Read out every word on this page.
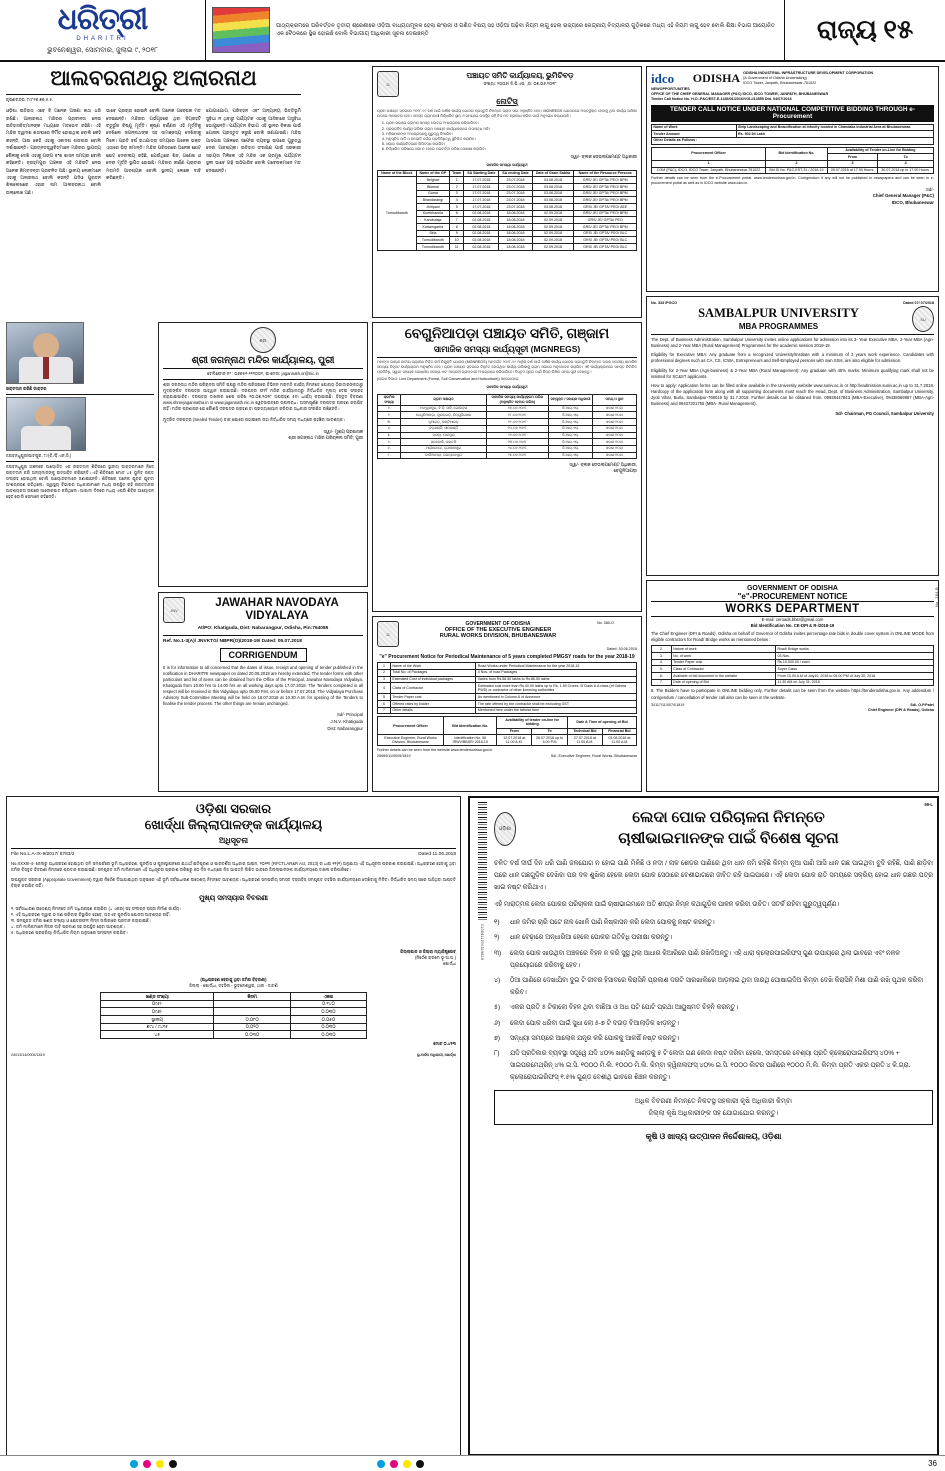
ଧରିତ୍ରୀ
DHARITRI
ଭୁବନେଶ୍ୱର, ସୋମବାର, ଜୁଲାଇ ୯, ୨୦୧୮
ପାଠ୍ୟକ୍ରମରେ ପରିବର୍ତ୍ତନ ତୃତୀୟ ଶ୍ରେଣୀରେ ଓଡ଼ିଆ ବାଧ୍ୟତାମୂଳକ ହେଲା ଇଂରାଜୀ ଓ ଗଣିତ ବିଷୟ ସହ ଓଡ଼ିଆ ପଢ଼ିବା ନିୟମ ଲାଗୁ ହେଲା ରାଜ୍ୟରେ କେନ୍ଦ୍ରୀୟ ବିଦ୍ୟାଳୟ ଗୁଡ଼ିକରେ ମଧ୍ୟ ଏହି ନିୟମ ଲାଗୁ ହେବ ବୋଲି ଶିକ୍ଷା ବିଭାଗ ଆୟୋଜିତ ଏକ ବୈଠକରେ ସ୍ଥିର ହୋଇଛି ବୋଲି ବିଭାଗୀୟ ଆଧିକାରୀ ସୂଚନା ଦେଇଛନ୍ତି	ରାଜ୍ୟ ୧୫
ଆଲବରନାଥରୁ ଅଲାରନାଥ
କୃଷ୍ଣଚନ୍ଦ୍ର, ୮୯୮୧୬.୭୭.୫.୫.
ଓଡ଼ିଶା ଇତିହାସ ଏବେ ବି ଅନେକ ଅଜଣା କଥା ଧରି ରଖିଛି। ଆଲାରନାଥ ମନ୍ଦିରର ପ୍ରାଚୀନତା ନେଇ ଇତିହାସବିତ୍‌ମାନଙ୍କ ମଧ୍ୟରେ ମତଭେଦ ରହିଛି। ଏହି ମନ୍ଦିର ଦ୍ୱାଦଶ ଶତାବ୍ଦୀରେ ନିର୍ମିତ ହୋଇଥିଲା ବୋଲି କେହି କହନ୍ତି, ଆଉ କେହି ଏହାକୁ ଏକାଦଶ ଶତାବ୍ଦୀର ବୋଲି ଦର୍ଶାଇଛନ୍ତି। ପ୍ରତ୍ନତତ୍ତ୍ୱବିତ୍‌ମାନେ ମନ୍ଦିରର ସ୍ଥାପତ୍ୟ ଶୈଳୀକୁ ଦେଖି ଏହାକୁ ଗଙ୍ଗ ବଂଶ ଶାସନ ସମୟର ବୋଲି କହିଛନ୍ତି। ବ୍ରହ୍ମପୁର ଅଞ୍ଚଳର ଏହି ମନ୍ଦିରଟି ନେଇ ଅନେକ କିମ୍ବଦନ୍ତୀ ପ୍ରଚଳିତ ଅଛି। ସ୍ଥାନୀୟ ଲୋକମାନେ ଏହାକୁ ଅଲାରନାଥ ବୋଲି କହନ୍ତି ଯଦିଓ ପୁରାତନ ଶିଳାଲେଖରେ ଏହାର ନାମ ଆଲବରନାଥ ବୋଲି ଉଲ୍ଲେଖ ଅଛି।
ଭାବେ ପ୍ରଚାର ହୋଇନି ବୋଲି ଅନେକ ଗବେଷକ ମତ ଦେଇଛନ୍ତି। ମନ୍ଦିରର ଗର୍ଭଗୃହରେ ଥିବା ବିଗ୍ରହଟି ଚତୁର୍ଭୁଜ ବିଷ୍ଣୁ ମୂର୍ତ୍ତି। କୃଷ୍ଣ ବର୍ଣ୍ଣର ଏହି ମୂର୍ତ୍ତିକୁ ଦେଖିଲେ ଜଗନ୍ନାଥଙ୍କ ସହ ସାମଞ୍ଜସ୍ୟ ଦେଖିବାକୁ ମିଳେ। ପ୍ରତି ବର୍ଷ ରଥଯାତ୍ରା ସମୟରେ ଅନେକ ଭକ୍ତ ଏଠାରେ ଭିଡ଼ ଜମାନ୍ତି। ମନ୍ଦିର ପରିସରରେ ଅନେକ ଛୋଟ ଛୋଟ ଦେବାଲୟ ରହିଛି, ଯେଉଁଥିରେ ଶିବ, ଗଣେଶ ଓ ଦେବୀ ମୂର୍ତ୍ତି ସ୍ଥାପିତ ହୋଇଛି। ମନ୍ଦିରର ଜୀର୍ଣ୍ଣ ପ୍ରାଚୀର ମରାମତି ଆବଶ୍ୟକ ବୋଲି ସ୍ଥାନୀୟ ଲୋକେ ଦାବି କରିଛନ୍ତି।
ଯୋଗାଯୋଗ, ପରିବହନ ଏବଂ ଅନ୍ୟାନ୍ୟ ଭିତ୍ତିଭୂମି ସୁବିଧା ନ ଥିବାରୁ ପର୍ଯ୍ୟଟକ ଏଠାକୁ ଆସିବାରେ ଅସୁବିଧା ଭୋଗୁଛନ୍ତି। ପର୍ଯ୍ୟଟନ ବିଭାଗ ଏହି ସ୍ଥାନର ବିକାଶ ପାଇଁ ଯୋଜନା ପ୍ରସ୍ତୁତ କରୁଛି ବୋଲି ଜଣାଯାଇଛି। ମନ୍ଦିର ଆସପାଶ ଅଞ୍ଚଳରେ ସଫେଇ ବ୍ୟବସ୍ଥା ଉପରେ ଗୁରୁତ୍ୱ ଦେବା ଆବଶ୍ୟକ। ଇତିହାସ ସଂରକ୍ଷଣ ପାଇଁ ସରକାରୀ ସହାୟତା ମିଳିଲେ ଏହି ମନ୍ଦିର ଏକ ପ୍ରମୁଖ ପର୍ଯ୍ୟଟନ ସ୍ଥଳୀ ଭାବେ ଗଢ଼ି ଉଠିପାରିବ ବୋଲି ଗବେଷକମାନେ ମତ ଦେଇଛନ୍ତି।
ରକ୍ତଦାନ କରିଛି ଡାକ୍ତର
ଜଗବନ୍ଧୁପୁର/ପାଟପୁର, ୮୯(ବି./ଡ଼ି.ଏନ୍.ସି.)
ଜଗବନ୍ଧୁପୁର ଅଞ୍ଚଳରେ ଆୟୋଜିତ ଏକ ରକ୍ତଦାନ ଶିବିରରେ ସ୍ଥାନୀୟ ଡାକ୍ତରମାନେ ନିଜେ ରକ୍ତଦାନ କରି ଅନ୍ୟମାନଙ୍କୁ ଉତ୍ସାହିତ କରିଛନ୍ତି। ଏହି ଶିବିରରେ ମୋଟ ୪୫ ୟୁନିଟ୍ ରକ୍ତ ସଂଗ୍ରହ ହୋଇଥିଲା ବୋଲି ଆୟୋଜକମାନେ ଜଣାଇଛନ୍ତି। ଶିବିରରେ ଅନେକ ଯୁବକ ଯୁବତୀ ଅଂଶଗ୍ରହଣ କରିଥିଲେ। ସ୍ୱାସ୍ଥ୍ୟ ବିଭାଗର ଅଧିକାରୀମାନେ ମଧ୍ୟ ଉପସ୍ଥିତ ରହି ରକ୍ତଦାନର ଆବଶ୍ୟକତା ଉପରେ ଆଲୋକପାତ କରିଥିଲେ। ଆଗାମୀ ଦିନରେ ମଧ୍ୟ ଏପରି ଶିବିର ଆୟୋଜନ ହେବ ବୋଲି ସେମାନେ କହିଛନ୍ତି।
ଶ୍ରୀ
ଶ୍ରୀ ଜଗନ୍ନାଥ ମନ୍ଦିର କାର୍ଯ୍ୟାଳୟ, ପୁରୀ
ଟେଲିଫୋନ୍ ନଂ : ୦୬୭୫୨-୨୨୨୦୦୨, ଇ-ମେଲ: jagannath.or@nic.in
ଶ୍ରୀ ଜଗନ୍ନାଥ ମନ୍ଦିର ପରିଚାଳନା ସମିତି ପକ୍ଷରୁ ମନ୍ଦିର ପରିସରରେ ବିଭିନ୍ନ ମରାମତି କାର୍ଯ୍ୟ ନିମନ୍ତେ ଯୋଗ୍ୟ ଠିକାଦାରଙ୍କଠାରୁ ମୁଦ୍ରାଙ୍କିତ ଦରପତ୍ର ଆହ୍ୱାନ କରାଯାଉଛି। ଦରପତ୍ର ଫର୍ମ ମନ୍ଦିର କାର୍ଯ୍ୟାଳୟରୁ ନିର୍ଦ୍ଧାରିତ ମୂଲ୍ୟ ଦେଇ ସଂଗ୍ରହ କରାଯାଇପାରିବ। ଦରପତ୍ର ଦାଖଲର ଶେଷ ତାରିଖ ୨୦.୦୭.୨୦୧୮ ଅପରାହ୍ଣ ୫ଟା ଧାର୍ଯ୍ୟ କରାଯାଇଛି। ବିସ୍ତୃତ ବିବରଣୀ www.shreejagannatha.in ଓ www.jagannath.nic.in ୱେବସାଇଟ୍‌ରେ ଉପଲବ୍ଧ। ଅସମ୍ପୂର୍ଣ୍ଣ ଦରପତ୍ର ଗ୍ରହଣ କରାଯିବ ନାହିଁ। ମନ୍ଦିର ପ୍ରଶାସନ ଯେ କୌଣସି ଦରପତ୍ର ଗ୍ରହଣ ବା ପ୍ରତ୍ୟାଖ୍ୟାନ କରିବାର ଅଧିକାର ସଂରକ୍ଷିତ ରଖିଛନ୍ତି।
ମୁଦ୍ରିତ ଦରପତ୍ର (Sealed Tender) ଡାକ ଯୋଗେ ପଠାଇଲେ ତାହା ନିର୍ଦ୍ଧାରିତ ସମୟ ମଧ୍ୟରେ ପହଞ୍ଚିବା ଆବଶ୍ୟକ।
ସ୍ୱା/- ମୁଖ୍ୟ ପ୍ରଶାସକ
ଶ୍ରୀ ଜଗନ୍ନାଥ ମନ୍ଦିର ପରିଚାଳନା ସମିତି, ପୁରୀ
JNV
JAWAHAR NAVODAYA VIDYALAYA
At/PO: Khatiguda, Dist: Nabarangpur, Odisha, Pin:764085
Ref. No.1-3(A)/ JNVKTG/ NBPR(O)/2018-19/ Dated: 05.07.2018
CORRIGENDUM
It is for information to all concerned that the dates of issue, receipt and opening of tender published in the notification in DHARITRI newspaper on dated 20.06.2018 are hereby extended. The tender forms with other particulars and list of items can be obtained from the Office of the Principal, Jawahar Navodaya Vidyalaya, Khatiguda from 10.00 hrs to 14.00 hrs on all working days upto 17.07.2018. The Tenders completed in all respect will be received in this Vidyalaya upto 05.00 P.M. on or before 17.07.2018. The Vidyalaya Purchase Advisory Sub-Committee Meeting will be held on 18.07.2018 at 10.30 A.M. for opening of the Tenders to finalise the tender process. The other things are remain unchanged.
Sd/- Principal
J.N.V. Khatiguda
Dist: Nabarangpur
⚖
ପଞ୍ଚାୟତ ସମିତି କାର୍ଯ୍ୟାଳୟ, ଭୁମିଚିବଡ଼
ସଂଖ୍ୟା: ୨୦୦୬/ ଜି.ପି.ଏସ୍. ,ତା: ୦୭.୦୬.୨୦୧୮
ନୋଟିସ୍
ଗ୍ରାମ ପଞ୍ଚାୟତ ସ୍ତରରେ ୨୦୧୮-୧୯ ବର୍ଷ ପାଇଁ ବାର୍ଷିକ କାର୍ଯ୍ୟ ଯୋଜନା ପ୍ରସ୍ତୁତି ନିମନ୍ତେ ଗ୍ରାମ ସଭା ଅନୁଷ୍ଠିତ ହେବ। MGNREGS ଯୋଜନାରେ ଅନ୍ତର୍ଭୁକ୍ତ ହେବାକୁ ଥିବା କାର୍ଯ୍ୟ ତାଲିକା ଉପରେ ଆଲୋଚନା ହେବ। ସମସ୍ତ ଗ୍ରାମବାସୀ ନିର୍ଦ୍ଧାରିତ ସ୍ଥାନ ଓ ସମୟରେ ଉପସ୍ଥିତ ରହି ନିଜ ମତ ପ୍ରକାଶ କରିବା ପାଇଁ ଅନୁରୋଧ କରାଯାଉଛି।
1. ଗ୍ରାମ ସଭାରେ ଗ୍ରାମର ସମସ୍ତ ଭୋଟର ଅଂଶଗ୍ରହଣ କରିପାରିବେ।
2. ପ୍ରସ୍ତାବିତ କାର୍ଯ୍ୟ ତାଲିକା ଗ୍ରାମ ପଞ୍ଚାୟତ କାର୍ଯ୍ୟାଳୟରେ ଉପଲବ୍ଧ ଅଛି।
3. ମହିଳାମାନଙ୍କ ଅଂଶଗ୍ରହଣକୁ ଗୁରୁତ୍ୱ ଦିଆଯିବ।
4. ଅନୁସୂଚିତ ଜାତି ଓ ଜନଜାତି ବର୍ଗର ପ୍ରତିନିଧିତ୍ୱ ସୁନିଶ୍ଚିତ କରାଯିବ।
5. ସଭାର କାର୍ଯ୍ୟବିବରଣୀ ଲିପିବଦ୍ଧ କରାଯିବ।
6. ନିର୍ଦ୍ଧାରିତ ତାରିଖରେ ସଭା ନ ହେଲେ ପରବର୍ତ୍ତୀ ତାରିଖ ଘୋଷଣା କରାଯିବ।
ସ୍ୱା/- ବ୍ଲକ ଡେଭଲପମେଣ୍ଟ ଅଧିକାରୀ
ସାମାଜିକ ସମସ୍ୟା କାର୍ଯ୍ୟସୂଚୀ
Name of the Block	Name of the GP	Team	SA Starting Date	SA ending Date	Date of Gram Sabha	Name of the Resource Persons
Tumudibandh	Belghar	1	17.07.2018	23.07.2018	03.08.2018	GRS/ JE/ GPTA/ PEO/ BPM
	Bilamal	2	17.07.2018	23.07.2018	03.08.2018	GRS/ JE/ GPTA/ PEO/ BPM
	Guma	3	17.07.2018	23.07.2018	03.08.2018	GRS/ JE/ GPTA/ PEO/ BPM
	Bhandarangi	4	17.07.2018	23.07.2018	03.08.2018	GRS/ JE/ GPTA/ PEO/ BPM
	Jhiripani	5	17.07.2018	23.07.2018	03.08.2018	GRS/ JE/ GPTA/ PEO/ AEE
	Kumbharsila	6	02.08.2018	18.08.2018	02.09.2018	GRS/ JE/ GPTA/ PEO/ BPM
	Karukutaja	7	02.08.2018	18.08.2018	02.09.2018	GRS/ JE/ GPTA/ PEO
	Kurtamgarha	8	02.08.2018	18.08.2018	02.09.2018	GRS/ JE/ GPTA/ PEO/ BPM
	Sirla	9	02.08.2018	18.08.2018	02.09.2018	GRS/ JE/ GPTA/ PEO/ BLC
	Tumudibandh	10	02.08.2018	18.08.2018	02.09.2018	GRS/ JE/ GPTA/ PEO/ BLC
	Tumudibandh	11	02.08.2018	18.08.2018	02.09.2018	GRS/ JE/ GPTA/ PEO/ BLC
ବେଗୁନିଆପଡ଼ା ପଞ୍ଚାୟତ ସମିତି, ଗଞ୍ଜାମ
ସାମାଜିକ ସମସ୍ୟା କାର୍ଯ୍ୟସୂଚୀ (MGNREGS)
ମହାତ୍ମା ଗାନ୍ଧୀ ଜାତୀୟ ଗ୍ରାମୀଣ ନିଶ୍ଚିତ କର୍ମ ନିଯୁକ୍ତି ଯୋଜନା (MGNREGS) ଅନ୍ତର୍ଗତ ୨୦୧୮-୧୯ ଆର୍ଥିକ ବର୍ଷ ପାଇଁ ବାର୍ଷିକ କାର୍ଯ୍ୟ ଯୋଜନା ପ୍ରସ୍ତୁତି ନିମନ୍ତେ ବ୍ଲକ ସ୍ତରୀୟ ସାମାଜିକ ସମସ୍ୟା ଚିହ୍ନଟ କାର୍ଯ୍ୟକ୍ରମ ଅନୁଷ୍ଠିତ ହେବ। ଗ୍ରାମ ପଞ୍ଚାୟତ ସ୍ତରରେ ଚିହ୍ନଟ ହୋଇଥିବା କାର୍ଯ୍ୟ ତାଲିକାକୁ ଗ୍ରାମ ସଭାରେ ଅନୁମୋଦନ କରାଯିବ। ଏହି କାର୍ଯ୍ୟକ୍ରମରେ ସମସ୍ତ ନିର୍ବାଚିତ ପ୍ରତିନିଧି, ସ୍ୱୟଂ ସହାୟକ ଗୋଷ୍ଠୀର ସଦସ୍ୟ ଏବଂ ଆଗ୍ରହୀ ଗ୍ରାମବାସୀ ଅଂଶଗ୍ରହଣ କରିପାରିବେ। ବିସ୍ତୃତ ସୂଚନା ପାଇଁ ନିମ୍ନ ଲିଖିତ ସମୟ ସୂଚୀ ଦେଖନ୍ତୁ।
(ଲାଇନ ବିଭାଗ: Line Department (Forest, Soil Conservation and Horticulture)) ସହଯୋଗରେ
ସାମାଜିକ ସମସ୍ୟା କାର୍ଯ୍ୟସୂଚୀ
କ୍ରମିକ ସଂଖ୍ୟା	ଗ୍ରାମ ପଞ୍ଚାୟତ	ସାମାଜିକ ସମସ୍ୟା କାର୍ଯ୍ୟକ୍ରମ ତାରିଖ (ଅନୁଷ୍ଠିତ ହେବାର ତାରିଖ)	ସମ୍ପୃକ୍ତ / ସହାୟକ ଅଧିକାରୀ	ସମୟ ଓ ସ୍ଥାନ
୧.	ଅଙ୍କୁଶପୁର, ବି.ଡ଼ି. ସାହି, ଗୋଲନ୍ଥରା	୧୭.୦୭.୨୦୧୮	ଜି.ଆର୍.ଏସ୍.	ସକାଳ ୧୦ଟା
୨.	ବେଗୁନିଆପଡ଼ା, କୁଲଡ଼ଗଡ଼, ଚିନ୍ଗୁଡ଼ିଖୋଳ	୧୮.୦୭.୨୦୧୮	ଜି.ଆର୍.ଏସ୍.	ସକାଳ ୧୦ଟା
୩.	ନୂଆଗଡ଼, କଣ୍ଟିଆଗଡ଼	୧୯.୦୭.୨୦୧୮	ଜି.ଆର୍.ଏସ୍.	ସକାଳ ୧୦ଟା
୪.	ବଡ଼ଖଣ୍ଡି, ସାନଖଣ୍ଡି	୨୦.୦୭.୨୦୧୮	ଜି.ଆର୍.ଏସ୍.	ସକାଳ ୧୦ଟା
୫.	ଜରଡ଼ା, ପାଟପୁର	୨୧.୦୭.୨୦୧୮	ଜି.ଆର୍.ଏସ୍.	ସକାଳ ୧୦ଟା
୬.	ସରକୋଳି, ତାଳତଳି	୨୩.୦୭.୨୦୧୮	ଜି.ଆର୍.ଏସ୍.	ସକାଳ ୧୦ଟା
୭.	ମାର୍ଦ୍ଦାକୋଟେ, ଗୋପାଳପୁର	୨୪.୦୭.୨୦୧୮	ଜି.ଆର୍.ଏସ୍.	ସକାଳ ୧୦ଟା
୮.	ବାଲିଆପଡ଼ା, ଜଗନ୍ନାଥପୁର	୨୫.୦୭.୨୦୧୮	ଜି.ଆର୍.ଏସ୍.	ସକାଳ ୧୦ଟା
ସ୍ୱା/- ବ୍ଲକ ଡେଭଲପମେଣ୍ଟ ଅଧିକାରୀ,
ବେଗୁନିଆପଡ଼ା
⚖
GOVERNMENT OF ODISHA
OFFICE OF THE EXECUTIVE ENGINEER
RURAL WORKS DIVISION, BHUBANESWAR
No. 380-O
Dated: 30.06.2018
"e" Procurement Notice for Periodical Maintenance of 5 years completed PMGSY roads for the year 2018-19
1	Name of the Work	Road Works under Periodical Maintenance for the year 2018-19
2	Total No. of Packages	4 Nos. of road Packages
3	Estimated Cost of individual packages	Varies from Rs.58.50 lakhs to Rs.86.50 lakhs
4	Class of Contractor	Estimated cost more than Rs.40.00 lakhs up to Rs. 1.50 Crores. B Class & A class (of Odisha PWD) or contractor of other licensing authorities
5	Tender Paper cost	As mentioned in Column-6 of Annexure
6	Offered rates by bidder	The rate offered by the contractor shall be excluding GST
7	Other details	Mentioned here under the tabular form
Procurement Officer	Bid Identification No.	Availability of tender on-line for bidding		Date & Time of opening of Bid	
		From	To	Technical Bid	Financial Bid
Executive Engineer, Rural Works Division, Bhubaneswar	Identification No. 06 /RWV/BBSR/ 2018-19	12.07.2018 at 11.00 A.M.	26.07.2018 up to 5.00 P.M	27.07.2018 at 11.00 A.M.	03.08.2018 at 11.00 A.M
Further details can be seen from the website www.tendersorissa.gov.in
25069/11/0009/1819	Sd/- Executive Engineer, Rural Works, Bhubaneswar
idco
NEWOPPORTUNITIES
ODISHA ODISHA INDUSTRIAL INFRASTRUCTURE DEVELOPMENT CORPORATION
(A Government of Odisha Undertaking)
IDCO Tower, Janpath, Bhubaneswar-751022
OFFICE OF THE CHIEF GENERAL MANAGER (P&C) IDCO, IDCO TOWER, JANPATH, BHUBANESWAR
Tender Call Notice No. H.O.-P&C/EST-E-1185/01/2016/VOl-I/13555 Dtd. 04/07/2018
TENDER CALL NOTICE UNDER NATIONAL COMPETITIVE BIDDING THROUGH e- Procurement
Name of Work	Strip Landscaping and Beautification at Infocity located in Chandaka Industrial Area at Bhubaneswar.
Tender Amount	Rs. 502.94 Lakh
Other Details as Follows :	
Procurement Officer	Bid Identification No.	Availability of Tender on-Line for Bidding	
		From	To
1	2	3	4
CGM (P&C), IDCO, IDCO Tower, Janpath, Bhubaneswar-751022	Bid ID No. P&C-EST-31 / 2018-19	09.07.2018 at 17.00 Hours.	30.07.2018 up to 17.00 Hours.
Further details can be seen from the e-Procurement portal. www.tendersorissa.gov.in. Corrigendum if any will not be published in newspapers and can be seen in e-procurement portal as well as in IDCO website www.idco.in.
Sd/-
Chief General Manager (P&C)
IDCO, Bhubaneswar
No. 333 /PGCO	Dated 07/ 07/2018
SAMBALPUR UNIVERSITY
MBA PROGRAMMES
SU
The Dept. of Business Administration, Sambalpur University invites online applications for admission into its 3- Year Executive MBA, 2-Year MBA (Agri-Business) and 2-Year MBA (Rural Management) Programmes for the academic session 2018-19.
Eligibility for Executive MBA: Any graduate from a recognized University/Institute with a minimum of 2 years work experience. Candidates with professional degrees such as CA, CS, ICWA, Entrepreneurs and Self-Employed persons with own SSIs, are also eligible for admission.
Eligibility for 2-Year MBA (Agri-business) & 2-Year MBA (Rural Management): Any graduate with 45% marks. Minimum qualifying mark shall not be insisted for SC&ST applicants.
How to apply: Application forms can be filled online available in the University website www.suniv.ac.in or http://eadmission.suniv.ac.in up to 31.7.2018. Hardcopy of the application form along with all supporting documents must reach the Head, Dept. of Business Administration, Sambalpur University, Jyoti Vihar, Burla, Sambalpur-768019 by 31.7.2018. Further details can be obtained from. 09938447843 (MBA-Executive), 09438069867 (MBA-Agri-Business) and 09437201755 (MBA- Rural Management).
Sd/- Chairman, PG Council, Sambalpur University
GOVERNMENT OF ODISHA
"e"-PROCUREMENT NOTICE
WORKS DEPARTMENT
E-mail: ceroads.bbsr@gmail.com
Bid Identification No. CE-DPI & R-/2018-19
The Chief Engineer (DPI & Roads), Odisha on behalf of Governor of Odisha invites percentage rate bids in double cover system in ONLINE MODE from eligible contractors for Road/ Bridge works as mentioned below :
2.	Nature of work	Road/ Bridge works
3.	No. of work	03 Nos.
4.	Tender Paper cost	Rs.10,000.00 / each
5.	Class of Contractor	Super Class
6.	Available of bid document in the website	From 10.00 A.M of July10, 2018 to 05.00 PM of July 30, 2018
7.	Date of opening of Bid	11.30 AM on July 31, 2018
8. The Bidders have to participate in ONLINE bidding only. Further details can be seen from the website https://tenderodisha.gov.in. Any addendum / corrigendum / cancellation of tender call also can be seen in the website.
34117/11/0074/1819	Sd/- O.P.Patel
Chief Engineer (DPI & Roads), Odisha
No. 284-B
ଓଡ଼ିଶା ସରକାର
ଖୋର୍ଦ୍ଧା ଜିଲ୍ଲାପାଳଙ୍କ କାର୍ଯ୍ୟାଳୟ
ଅଧିସୂଚନା
File No.L.A-IX-9/2017/ 8783/2	Dated 11.06.2018
No.XXXIII-4- ଜେଲରୁ ଅଧିଗ୍ରହଣ ହୋଇଥିବା ଜମି ସମ୍ପର୍କରେ ଭୂମି ଅଧିଗ୍ରହଣ, ପୁନର୍ବାସ ଓ ପୁନଃସ୍ଥାପନରେ ଯଥାର୍ଥ କ୍ଷତିପୂରଣ ଓ ପାରଦର୍ଶିତା ଅଧିକାର ଆଇନ, ୨୦୧୩ (RFCTLAR&R Act, 2013) ର ଧାରା ୧୧(୧) ଅନୁଯାୟୀ ଏହି ଅଧିସୂଚନା ପ୍ରକାଶ କରାଯାଉଛି। ଅଧିଗ୍ରହଣ ହେବାକୁ ଥିବା ଜମିର ବିସ୍ତୃତ ବିବରଣୀ ନିମ୍ନରେ ପ୍ରଦାନ କରାଯାଇଛି। ସମ୍ପୃକ୍ତ ଜମି ମାଲିକମାନେ ଏହି ଅଧିସୂଚନା ପ୍ରକାଶ ତାରିଖରୁ ୬୦ ଦିନ ମଧ୍ୟରେ ନିଜ ଆପତ୍ତି ଲିଖିତ ଭାବରେ ଜିଲ୍ଲାପାଳଙ୍କ କାର୍ଯ୍ୟାଳୟରେ ଦାଖଲ କରିପାରିବେ।
ଉପଯୁକ୍ତ ସରକାର (Appropriate Government) ଦ୍ୱାରା ନିର୍ଦ୍ଦେଶ ଦିଆଯାଇଥିବା ଅନୁସାରେ ଏହି ଭୂମି ସର୍ବସାଧାରଣ ଉଦ୍ଦେଶ୍ୟ ନିମନ୍ତେ ଆବଶ୍ୟକ। ଅଧିଗ୍ରହଣ ସମ୍ପର୍କୀୟ ସମସ୍ତ ଦସ୍ତାବିଜ୍ ସମ୍ପୃକ୍ତ ତହସିଲ କାର୍ଯ୍ୟାଳୟରେ ଦେଖିବାକୁ ମିଳିବ। ନିର୍ଦ୍ଧାରିତ ସମୟ ପରେ ଆସିଥିବା ଆପତ୍ତି ବିଚାର କରାଯିବ ନାହିଁ।
ମୁଖ୍ୟ ସମସ୍ୟାର ବିବରଣୀ
୧. ସର୍ବସାଧାରଣ ଉଦ୍ଦେଶ୍ୟ ନିମନ୍ତେ ଜମି ଅଧିଗ୍ରହଣ କରାଯିବା (୪ ଏକର) ସହ ସଂଲଗ୍ନ ରାସ୍ତା ନିର୍ମାଣ କାର୍ଯ୍ୟ।
୨. ଏହି ଅଧିଗ୍ରହଣ ଦ୍ୱାରା ୦ ଜଣ ପରିବାର ବିସ୍ଥାପିତ ହେବେ, ଅତଏବ ପୁନର୍ବାସ ଯୋଜନା ଆବଶ୍ୟକ ନାହିଁ।
୩. ସମ୍ପୃକ୍ତ ଜମିର ଖଣ୍ଡ ସଂଖ୍ୟା ଓ କ୍ଷେତ୍ରଫଳ ନିମ୍ନ ତାଲିକାରେ ପ୍ରଦାନ କରାଯାଇଛି।
୪. ଜମି ମାଲିକମାନେ ନିଜର ଦାବି ପ୍ରମାଣ ସହ ଉପସ୍ଥିତ ହେବା ଆବଶ୍ୟକ।
୫. ଅଧିଗ୍ରହଣ ପ୍ରକ୍ରିୟା ନିର୍ଦ୍ଧାରିତ ନିୟମ ଅନୁସାରେ ସମ୍ପନ୍ନ କରାଯିବ।
ଜିଲ୍ଲାପାଳ ଓ ଜିଲ୍ଲା ମ୍ୟାଜିଷ୍ଟ୍ରେଟ୍
(ନିର୍ଦ୍ଦେଶ କ୍ରମେ ଭୂ-ଅ.ଅ.)
ଖୋର୍ଦ୍ଧା
(ଅଧିଗ୍ରହଣ ହେବାକୁ ଥିବା ଜମିର ବିବରଣୀ)
ଜିଲ୍ଲା - ଖୋର୍ଦ୍ଧା, ତହସିଲ - ଭୁବନେଶ୍ୱର, ଥାନା - ଜାଟଣି
ଖଣ୍ଡ ସଂଖ୍ୟା	କିସମ	ଏକର
୦୯୫/-		୦.୧୪୦
୦୯୬/-		୦.୦୩୦
ସ୍ଥାନୀୟ	୦.୦୮୦	୦.୦୫୦
୭୯୪ / ୯୪୧୫	୦.୦୨୦	୦.୦୩୦
୪୫	୦.୦୩୦	୦.୦୩୦
ମୋଟ ୦.୪୧୩
24013/14/0004/1819	ଭୂ-ଅର୍ଜନ ଅଧିକାରୀ, ଖୋର୍ଦ୍ଧା
0105411200319819
59-L
ଓଡ଼ିଶା
ଲେଦା ପୋକ ପରିଚାଳନା ନିମନ୍ତେ
ଚାଷୀଭାଇମାନଙ୍କ ପାଇଁ ବିଶେଷ ସୂଚନା
ଚଳିତ ବର୍ଷ ଦୀର୍ଘ ଦିନ ଧରି ପାଣି ଜଳଯୋଗ ନ ହୋଇ ପାଣି ମିଳିଛି ଓ ନଦୀ / ନାଳ ଶେଡ଼ର ପାଣିରେ ଥିବା ଧାନ ଜମି ରହିଛି କିମ୍ବା ନୂଆ ପାଣି ଆସି ଧାନ ଗଛ ପାଇଥିବା ବୁଦି ରହିଛି, ପାଣି ଛାଡ଼ିବା ପରେ ଧାନ ଗଛଗୁଡ଼ିକ ଦେଖିବା ପର ଦଳ ଶୁଖିଲା ହେଲେ ଲେଦା ପୋକ ସେଠାରେ ବେଶୀଭାଗରେ ଜୀବିତ ରହି ପାଇପାରେ। ଏହି ଲେଦା ପୋକ ରାତି ସମୟରେ ସକ୍ରିୟ ହୋଇ ଧାନ ଗଛର ପତ୍ର ଖାଇ ନଷ୍ଟ କରିଥାଏ।
ଏହି ମାରାତ୍ମକ ଲେଦା ପୋକର ପରିଚାଳନା ପାଇଁ ଚାଷୀଭାଇମାନେ ଅତି ଶୀଘ୍ର ନିମ୍ନ କଥାଗୁଡ଼ିକ ପାଳନ କରିବା ଉଚିତ। ସତର୍କ ରହିବା ଗୁରୁତ୍ୱପୂର୍ଣ୍ଣ।
୧)	ଧାନ ଜମିର ଚାରି ପଟେ ନାଳ ଖୋଳି ପାଣି ନିଷ୍କାସନ କରି ଲେଦା ପୋକକୁ ନଷ୍ଟ କରନ୍ତୁ।
୨)	ଧାନ ବେଢ଼ାରେ ଅନ୍ଧାରିଆ ହେଲେ ପୋକର ଗତିବିଧି ପରୀକ୍ଷା କରନ୍ତୁ।
୩)	ଲେଦା ପୋକ ଖାଉଥିବା ଅଞ୍ଚଳରେ ବିହନ ନ କରି ସୁସ୍ଥ ଥିଲା ଆଧାର କିଆରିରେ ପାଣି ରଖିଦିଅନ୍ତୁ। ଏହି ଧାରା କ୍ଲୋରପାଇରିଫସ୍ ଗୁଣ ଉପାୟରେ ଥିଲା ଭାବରେ ଏବଂ ନଳଳ ପ୍ରୟୋଗରେ ଜରିବାକୁ ହେବ।
୪)	ଠିଆ ପାଣିରେ ଦେଖାଯିବା ଦୁଇ ଟି ଜୀବର ହିସାବରେ କିରାସିନି ପ୍ରକାଶ ଦରଟି ସାରଖାଲିରେ ଆଡ଼ଲାଇ ଥିବା ଜାରଥି ଘୋଷାଇଦିଅ କିମ୍ବା ଦେଖି କିରାସିନି ମିଶା ପାଣି ରଖି ପୃଥକ କରିବା କରିବ।
୫)	ଏକର ପ୍ରତି ୫ ଟିକାଲୋ ବିହନ ଥିବା ବାଛିଆ ଓ ଅଧ ପଟି ପୋଟି ପ୍ରଥା ଆୟୁଷ୍ମତ ଚିହ୍ନି କରନ୍ତୁ।
୬)	ଲେଦା ପୋକ ଧରିବା ପାଇଁ ସୁଧା ଲୋ ୫-୭ ଟି ଦଉଡ଼ ବିଆଲାଡ଼ିକ ଝାଡ଼ନ୍ତୁ।
୭)	ସନ୍ଧ୍ୟା ସମୟରେ ଆଲୋକ ଯନ୍ତ୍ର କରି ପୋକକୁ ଆକର୍ଷି ନଷ୍ଟ କରନ୍ତୁ।
୮)	ଯଦି ପ୍ରତିକାର ବ୍ୟବସ୍ଥା ସତ୍ତ୍ୱେ ଯଦି ୪୦% ଖଣ୍ଡିକୁ ଖଣ୍ଡକୁ ୫ ଟି ଲେଦା ଗଣ ଲେଦା ନଷ୍ଟ ଜରିବା ହେଲେ, ସମସ୍ତରେ ବେଶ୍ୟା ପ୍ରତି କ୍ଲୋରୋପାଇରିଫସ୍ ୪୦% + ସାଇପରମେଥ୍ରିନ୍ ୪% ଇ.ସି. ୧୦୦୦ ମି.ଲି. ୧୦୦୦ ମି.ଲି. କିମ୍ବା କ୍ୱିନାଲଫସ୍ ୪୦% ଇ.ସି. ୧୦୦୦ ଲିଟର ପାଣିରେ ୧୦୦୦ ମି.ଲି. କିମ୍ବା ପ୍ରତି ଏକର ପ୍ରତି ୪ କି.ଗ୍ରା. କ୍ଲୋରୋପାଇରିଫସ୍ ୧.୫% ଗୁଣ୍ଡ ବେଶୀଥି ଭାବରେ ଶିଞ୍ଚନ କରନ୍ତୁ।
ଅଧିକ ବିବରଣୀ ନିମନ୍ତେ ନିକଟସ୍ଥ ସହକାରୀ କୃଷି ଅଧିକାରୀ କିମ୍ବା
ଜିଲ୍ଲା କୃଷି ଅଧିକାରୀଙ୍କ ସହ ଯୋଗାଯୋଗ କରନ୍ତୁ।
କୃଷି ଓ ଖାଦ୍ୟ ଉତ୍ପାଦନ ନିର୍ଦ୍ଦେଶାଳୟ, ଓଡ଼ିଶା
36
